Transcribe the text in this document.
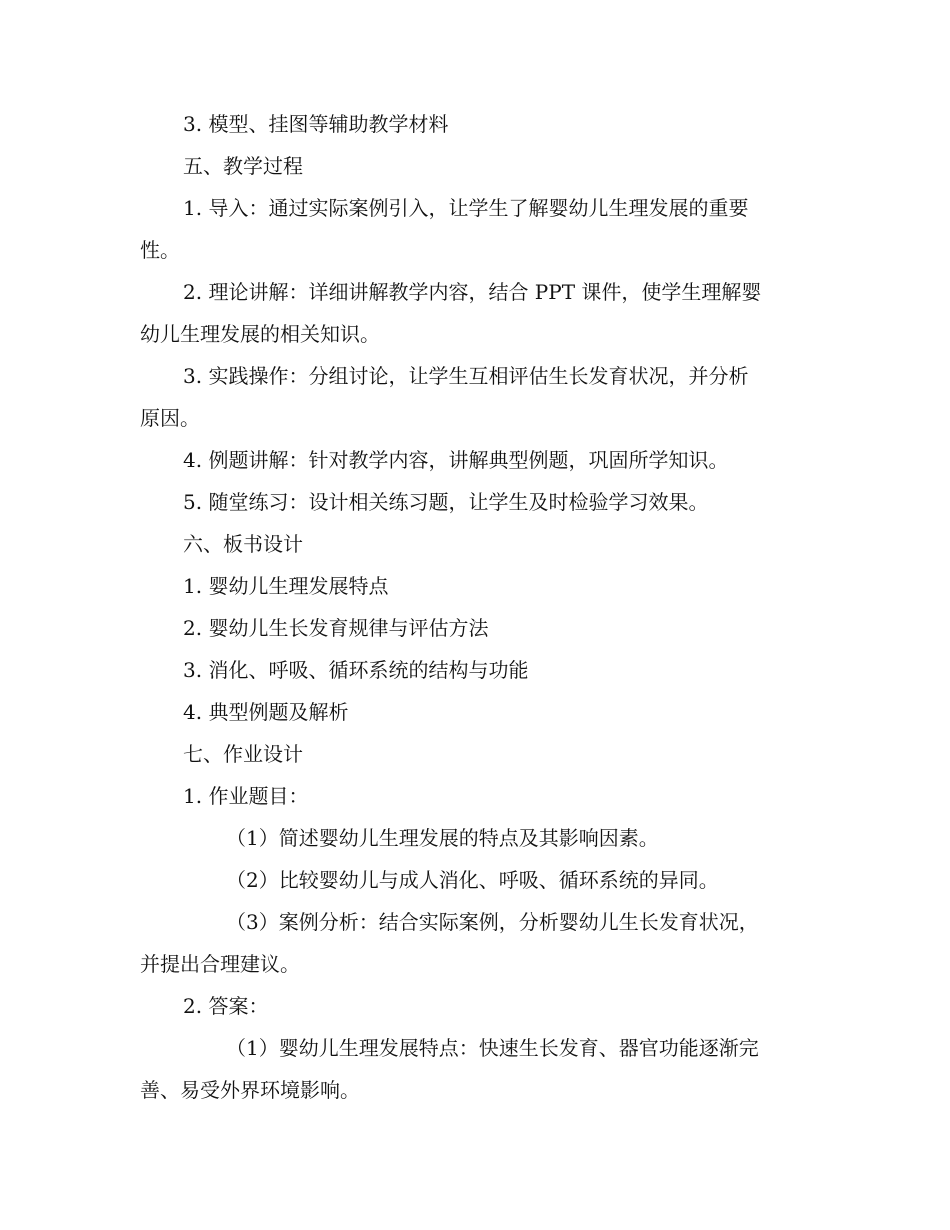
3. 模型、挂图等辅助教学材料

五、教学过程

1. 导入：通过实际案例引入，让学生了解婴幼儿生理发展的重要

性。

2. 理论讲解：详细讲解教学内容，结合 PPT 课件，使学生理解婴

幼儿生理发展的相关知识。

3. 实践操作：分组讨论，让学生互相评估生长发育状况，并分析

原因。

4. 例题讲解：针对教学内容，讲解典型例题，巩固所学知识。

5. 随堂练习：设计相关练习题，让学生及时检验学习效果。

六、板书设计

1. 婴幼儿生理发展特点

2. 婴幼儿生长发育规律与评估方法

3. 消化、呼吸、循环系统的结构与功能

4. 典型例题及解析

七、作业设计

1. 作业题目：

（1）简述婴幼儿生理发展的特点及其影响因素。

（2）比较婴幼儿与成人消化、呼吸、循环系统的异同。

（3）案例分析：结合实际案例，分析婴幼儿生长发育状况，

并提出合理建议。

2. 答案：

（1）婴幼儿生理发展特点：快速生长发育、器官功能逐渐完

善、易受外界环境影响。
